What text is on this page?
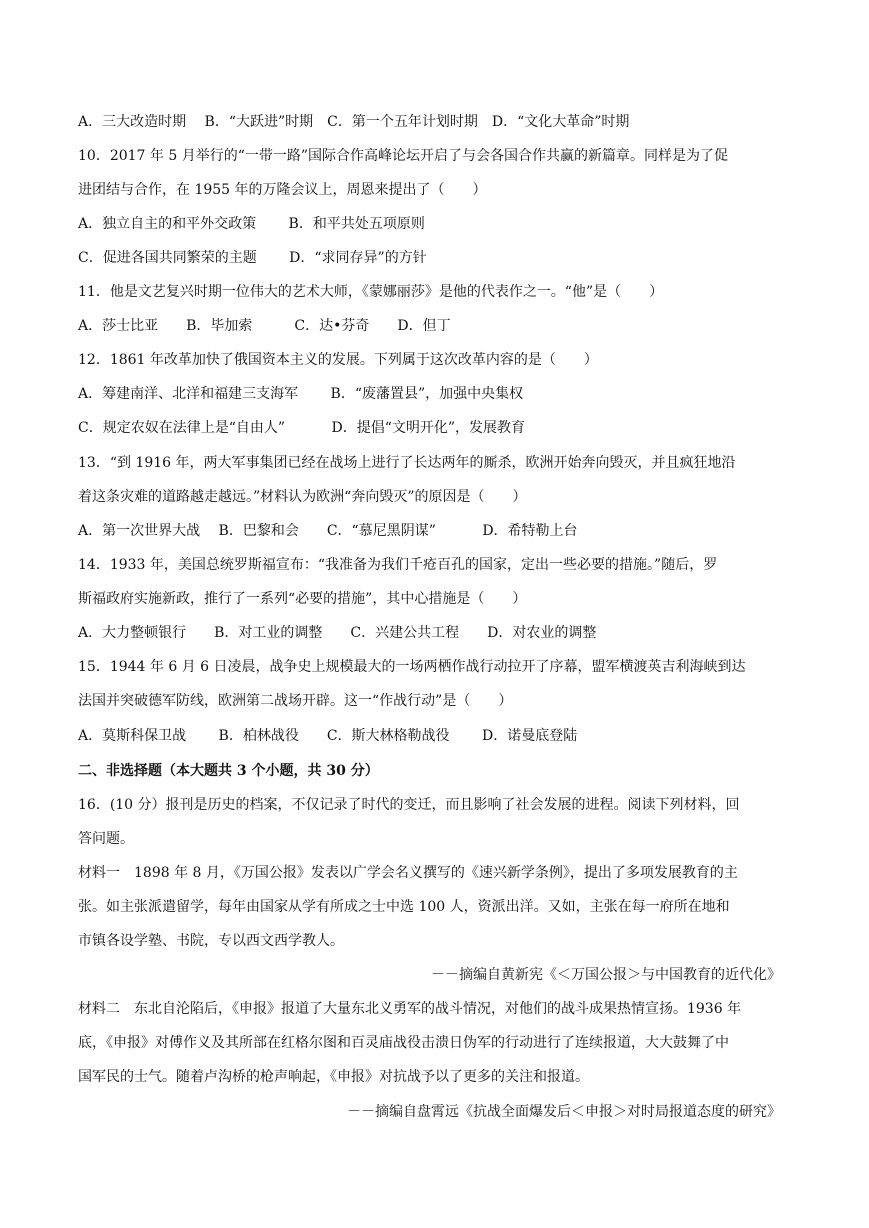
A．三大改造时期　 B．“大跃进”时期　C．第一个五年计划时期　D．“文化大革命”时期
10．2017 年 5 月举行的“一带一路”国际合作高峰论坛开启了与会各国合作共赢的新篇章。同样是为了促
进团结与合作，在 1955 年的万隆会议上，周恩来提出了（　　）
A．独立自主的和平外交政策　　 B．和平共处五项原则
C．促进各国共同繁荣的主题　　 D．“求同存异”的方针
11．他是文艺复兴时期一位伟大的艺术大师，《蒙娜丽莎》是他的代表作之一。“他”是（　　）
A．莎士比亚　　B．毕加索　　　C．达•芬奇　　D．但丁
12．1861 年改革加快了俄国资本主义的发展。下列属于这次改革内容的是（　　）
A．筹建南洋、北洋和福建三支海军　　 B．“废藩置县”，加强中央集权
C．规定农奴在法律上是“自由人”　　　 D．提倡“文明开化”，发展教育
13．“到 1916 年，两大军事集团已经在战场上进行了长达两年的厮杀，欧洲开始奔向毁灭，并且疯狂地沿
着这条灾难的道路越走越远。”材料认为欧洲“奔向毁灭”的原因是（　　）
A．第一次世界大战　 B．巴黎和会　　C．“慕尼黑阴谋”　　　 D．希特勒上台
14．1933 年，美国总统罗斯福宣布：“我准备为我们千疮百孔的国家，定出一些必要的措施。”随后，罗
斯福政府实施新政，推行了一系列“必要的措施”，其中心措施是（　　）
A．大力整顿银行　　B．对工业的调整　　C．兴建公共工程　　D．对农业的调整
15．1944 年 6 月 6 日凌晨，战争史上规模最大的一场两栖作战行动拉开了序幕，盟军横渡英吉利海峡到达
法国并突破德军防线，欧洲第二战场开辟。这一“作战行动”是（　　）
A．莫斯科保卫战　　 B．柏林战役　　C．斯大林格勒战役　　 D．诺曼底登陆
二、非选择题（本大题共 3 个小题，共 30 分）
16．(10 分）报刊是历史的档案，不仅记录了时代的变迁，而且影响了社会发展的进程。阅读下列材料，回
答问题。
材料一　1898 年 8 月，《万国公报》发表以广学会名义撰写的《速兴新学条例》，提出了多项发展教育的主
张。如主张派遣留学，每年由国家从学有所成之士中选 100 人，资派出洋。又如，主张在每一府所在地和
市镇各设学塾、书院，专以西文西学教人。
－－摘编自黄新宪《＜万国公报＞与中国教育的近代化》
材料二　东北自沦陷后，《申报》报道了大量东北义勇军的战斗情况，对他们的战斗成果热情宣扬。1936 年
底，《申报》对傅作义及其所部在红格尔图和百灵庙战役击溃日伪军的行动进行了连续报道，大大鼓舞了中
国军民的士气。随着卢沟桥的枪声响起，《申报》对抗战予以了更多的关注和报道。
－－摘编自盘霄远《抗战全面爆发后＜申报＞对时局报道态度的研究》
